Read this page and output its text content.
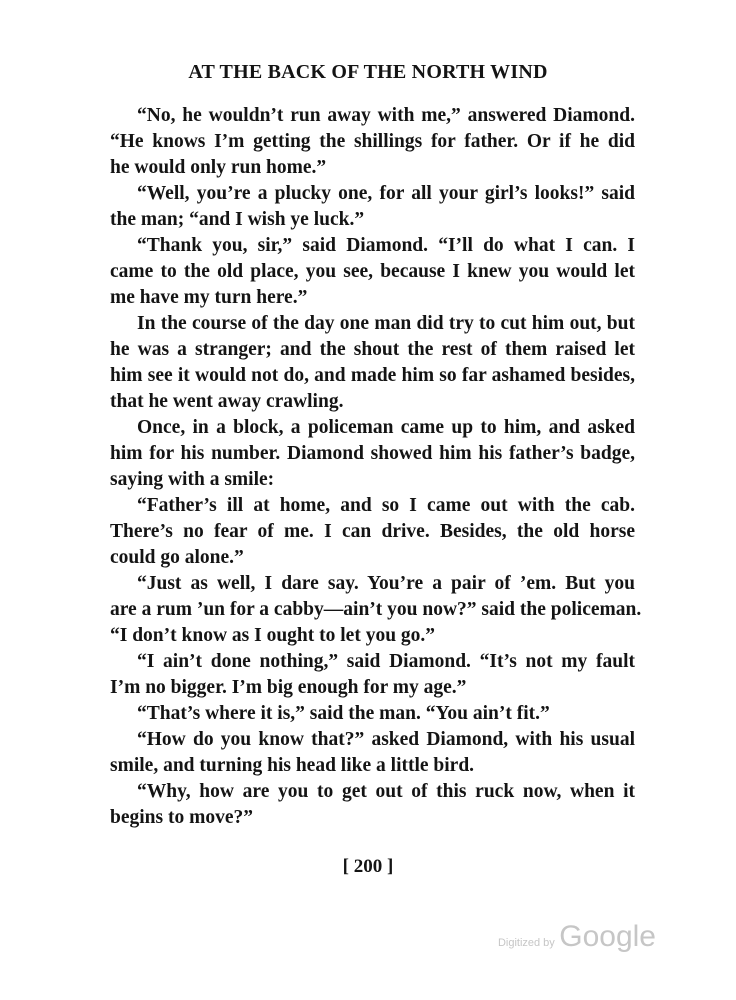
AT THE BACK OF THE NORTH WIND
“No, he wouldn’t run away with me,” answered Diamond.
“He knows I’m getting the shillings for father. Or if he did
he would only run home.”
“Well, you’re a plucky one, for all your girl’s looks!” said
the man; “and I wish ye luck.”
“Thank you, sir,” said Diamond. “I’ll do what I can. I
came to the old place, you see, because I knew you would let
me have my turn here.”
In the course of the day one man did try to cut him out, but
he was a stranger; and the shout the rest of them raised let
him see it would not do, and made him so far ashamed besides,
that he went away crawling.
Once, in a block, a policeman came up to him, and asked
him for his number. Diamond showed him his father’s badge,
saying with a smile:
“Father’s ill at home, and so I came out with the cab.
There’s no fear of me. I can drive. Besides, the old horse
could go alone.”
“Just as well, I dare say. You’re a pair of ’em. But you
are a rum ’un for a cabby—ain’t you now?” said the policeman.
“I don’t know as I ought to let you go.”
“I ain’t done nothing,” said Diamond. “It’s not my fault
I’m no bigger. I’m big enough for my age.”
“That’s where it is,” said the man. “You ain’t fit.”
“How do you know that?” asked Diamond, with his usual
smile, and turning his head like a little bird.
“Why, how are you to get out of this ruck now, when it
begins to move?”
[ 200 ]
Digitized by Google
